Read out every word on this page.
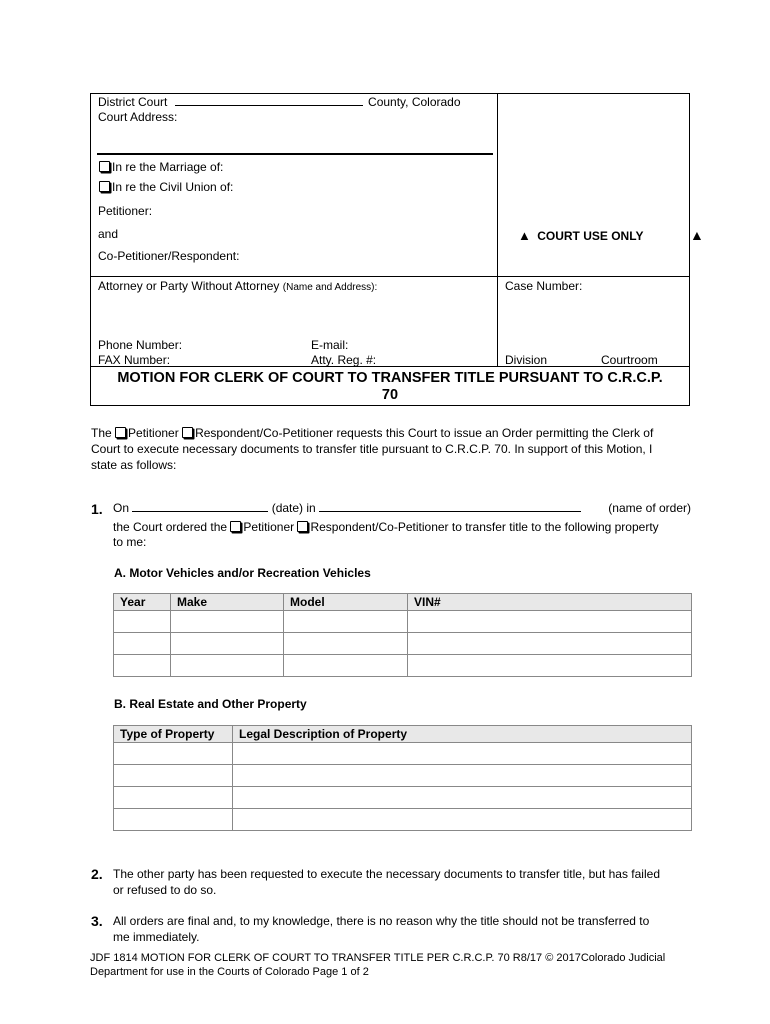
District Court	County, Colorado
Court Address:
In re the Marriage of:
In re the Civil Union of:
Petitioner:
and
Co-Petitioner/Respondent:
▲ COURT USE ONLY	▲
Attorney or Party Without Attorney (Name and Address):	Case Number:
Phone Number:	E-mail:
FAX Number:	Atty. Reg. #:	Division	Courtroom
MOTION FOR CLERK OF COURT TO TRANSFER TITLE PURSUANT TO C.R.C.P.
70
The Petitioner Respondent/Co-Petitioner requests this Court to issue an Order permitting the Clerk of
Court to execute necessary documents to transfer title pursuant to C.R.C.P. 70. In support of this Motion, I
state as follows:
1. On	(date) in	(name of order)
the Court ordered the Petitioner Respondent/Co-Petitioner to transfer title to the following property
to me:
A. Motor Vehicles and/or Recreation Vehicles
Year	Make	Model	VIN#

B. Real Estate and Other Property
Type of Property	Legal Description of Property

2. The other party has been requested to execute the necessary documents to transfer title, but has failed
or refused to do so.
3. All orders are final and, to my knowledge, there is no reason why the title should not be transferred to
me immediately.
JDF 1814 MOTION FOR CLERK OF COURT TO TRANSFER TITLE PER C.R.C.P. 70 R8/17 © 2017Colorado Judicial
Department for use in the Courts of Colorado Page 1 of 2
